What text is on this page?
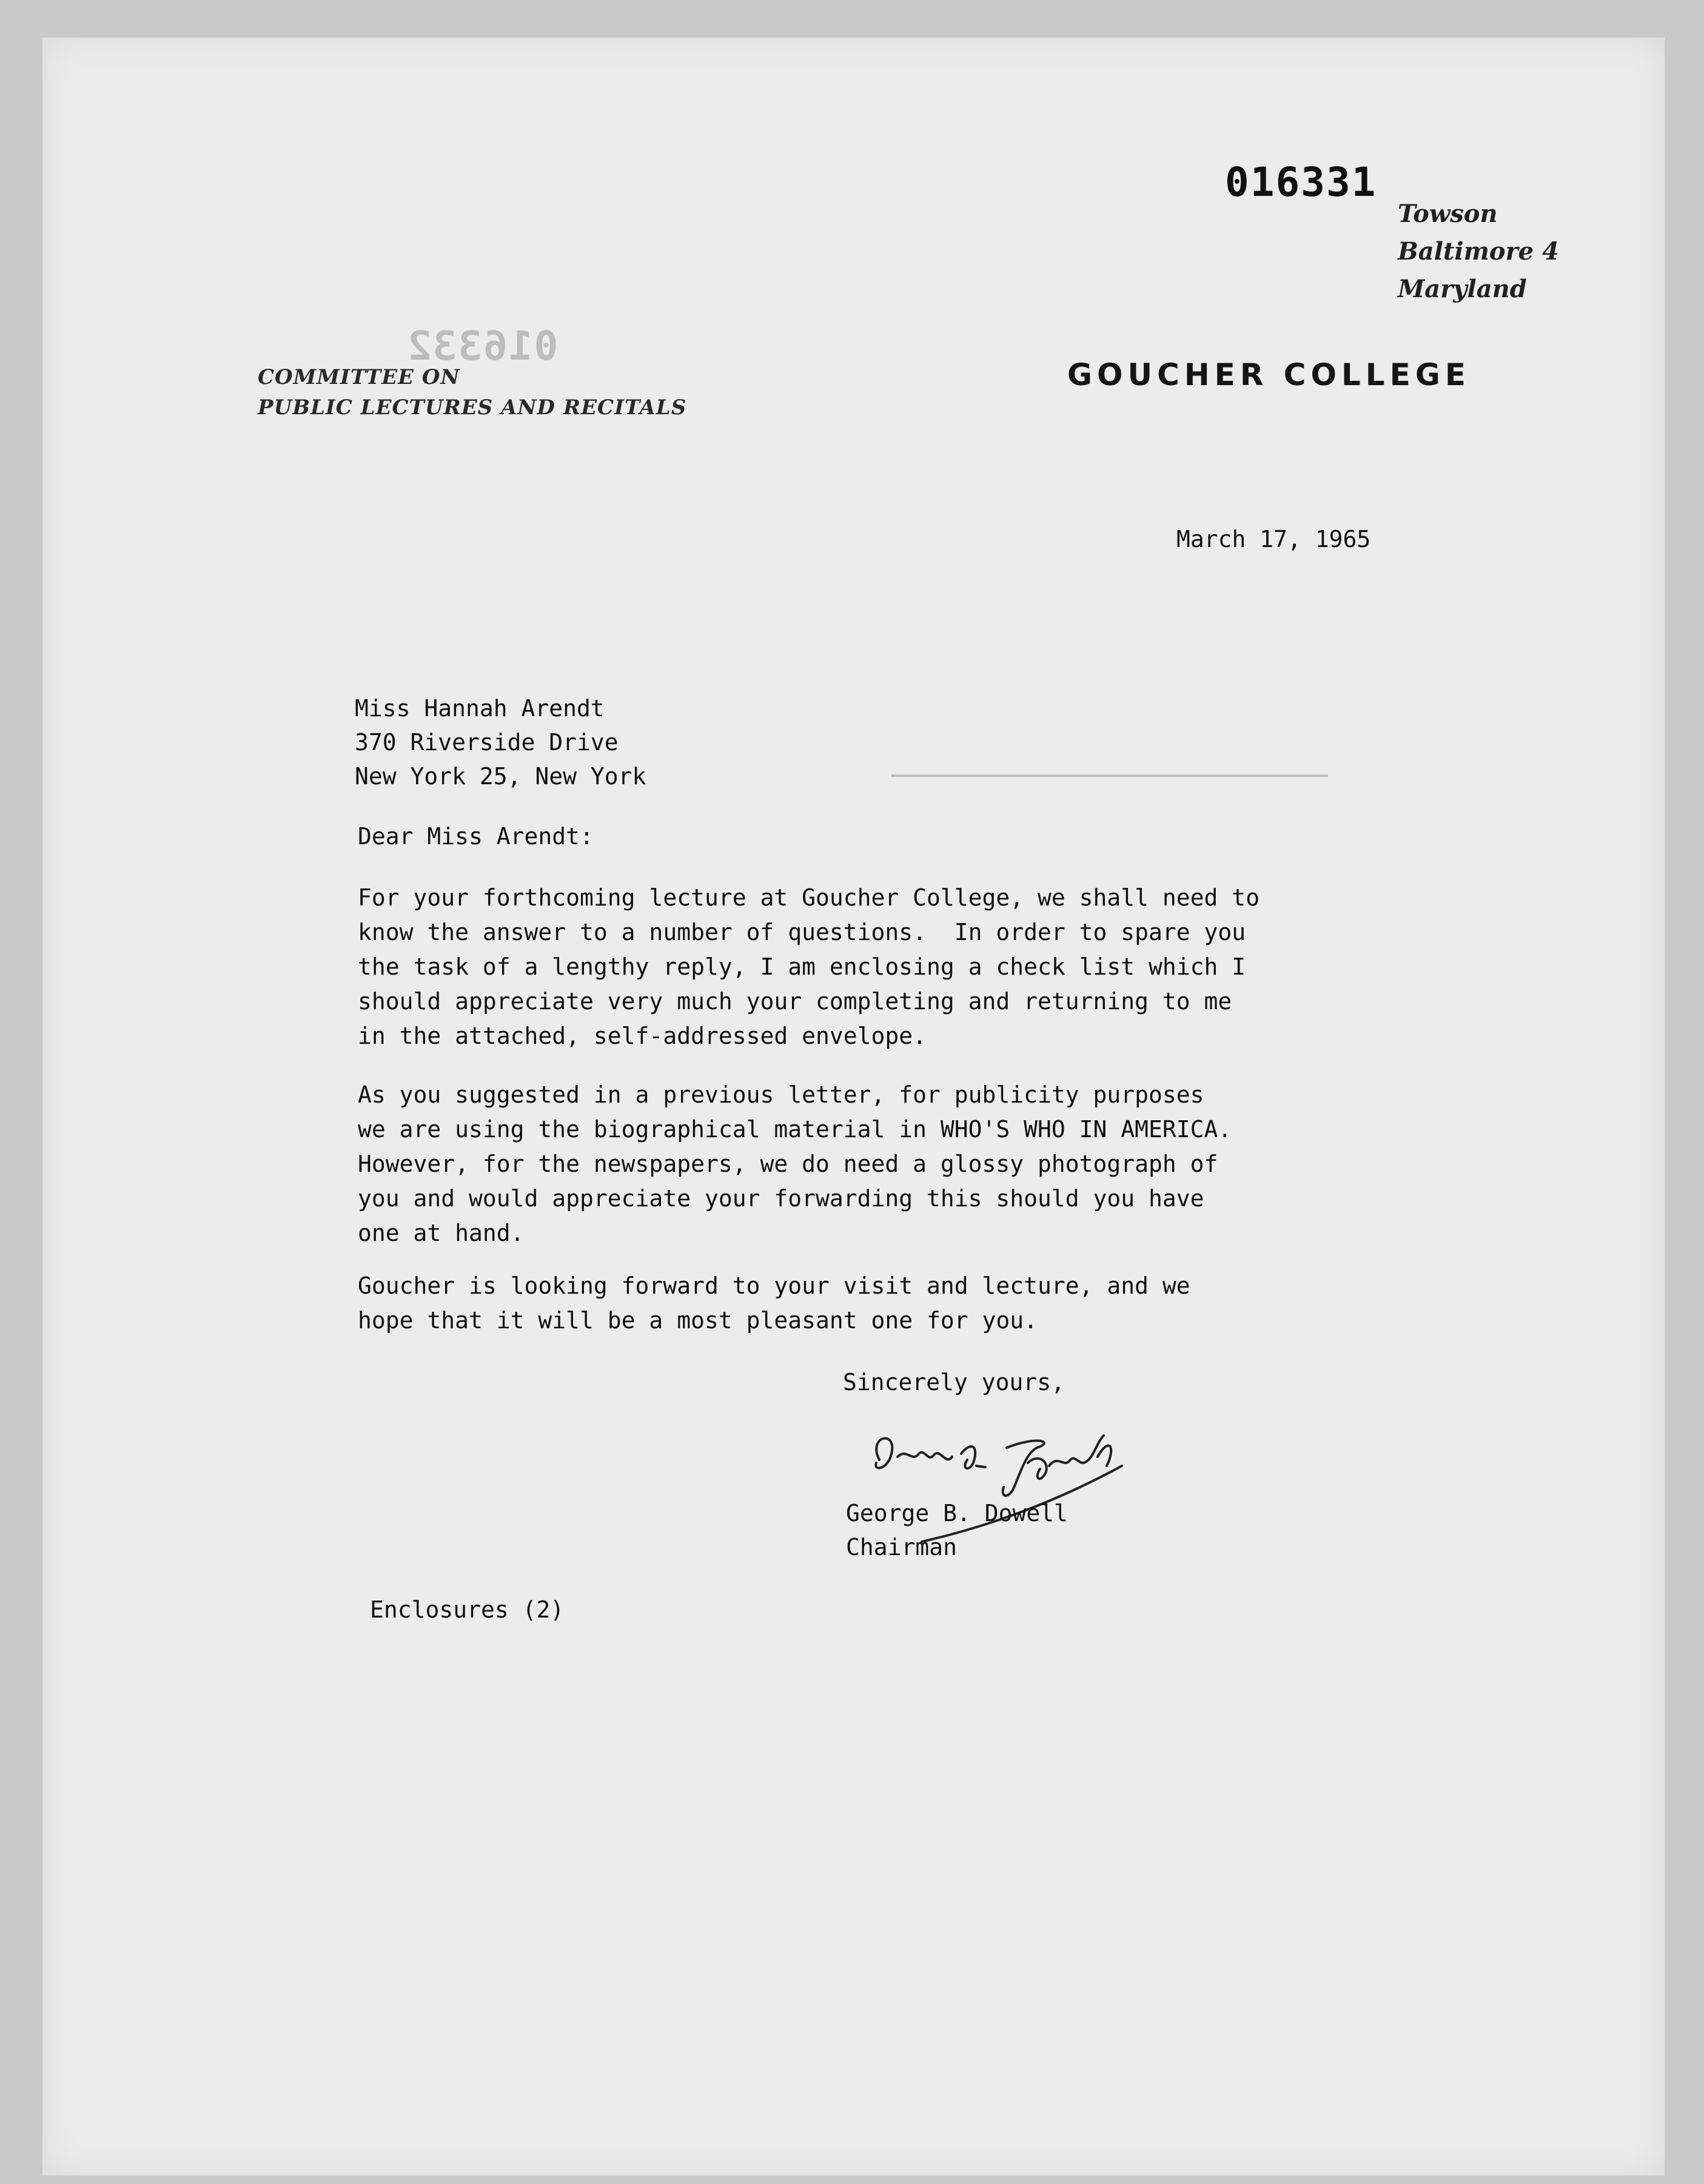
016332
016331
Towson
Baltimore 4
Maryland
GOUCHER COLLEGE
COMMITTEE ON
PUBLIC LECTURES AND RECITALS
March 17, 1965
Miss Hannah Arendt
370 Riverside Drive
New York 25, New York
Dear Miss Arendt:
For your forthcoming lecture at Goucher College, we shall need to
know the answer to a number of questions.  In order to spare you
the task of a lengthy reply, I am enclosing a check list which I
should appreciate very much your completing and returning to me
in the attached, self-addressed envelope.
As you suggested in a previous letter, for publicity purposes
we are using the biographical material in WHO'S WHO IN AMERICA.
However, for the newspapers, we do need a glossy photograph of
you and would appreciate your forwarding this should you have
one at hand.
Goucher is looking forward to your visit and lecture, and we
hope that it will be a most pleasant one for you.
Sincerely yours,
George B. Dowell
Chairman
Enclosures (2)
